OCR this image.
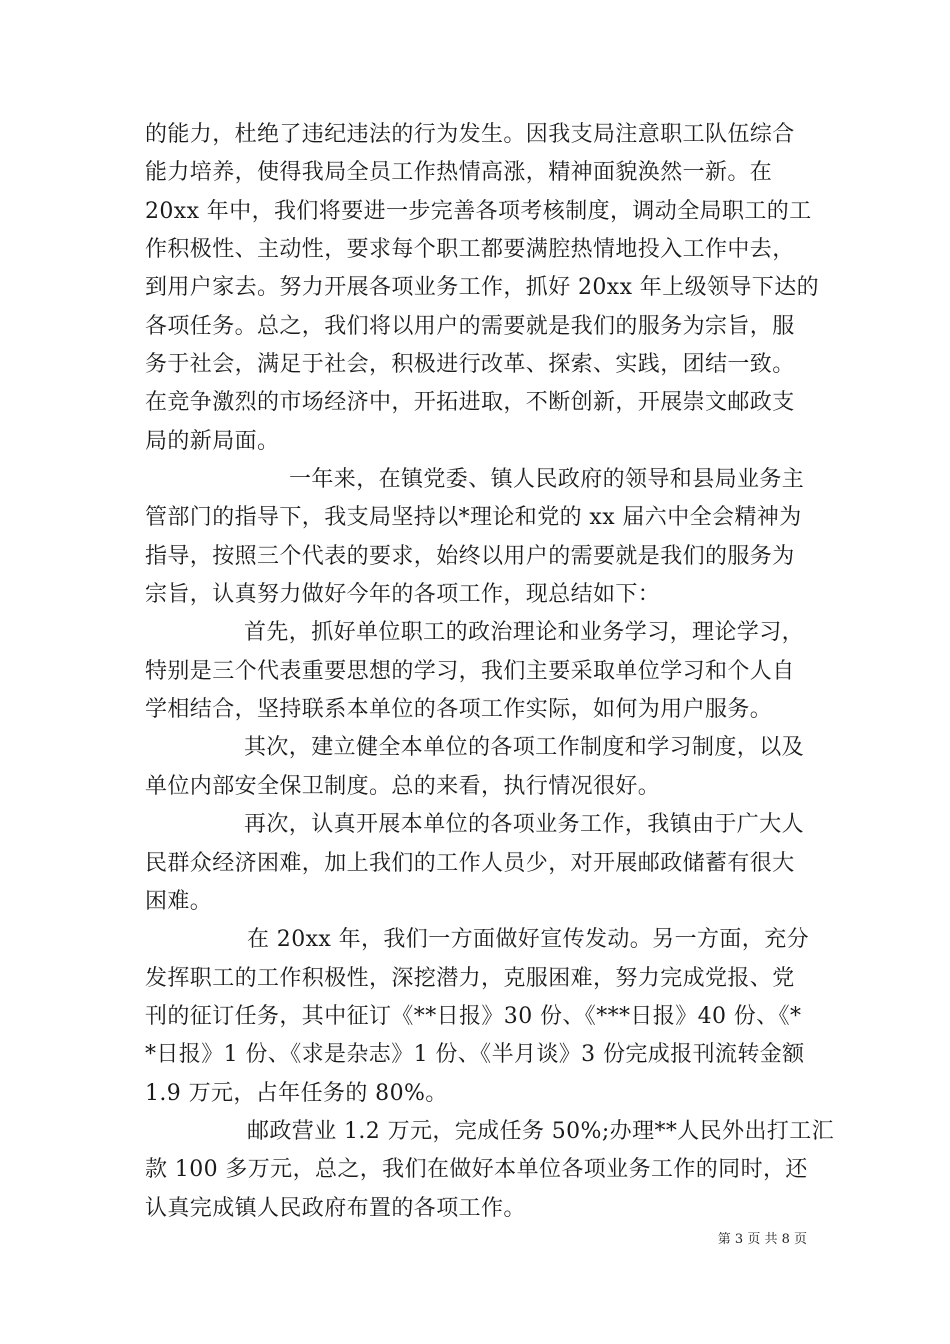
的能力，杜绝了违纪违法的行为发生。因我支局注意职工队伍综合
能力培养，使得我局全员工作热情高涨，精神面貌涣然一新。在
20xx 年中，我们将要进一步完善各项考核制度，调动全局职工的工
作积极性、主动性，要求每个职工都要满腔热情地投入工作中去，
到用户家去。努力开展各项业务工作，抓好 20xx 年上级领导下达的
各项任务。总之，我们将以用户的需要就是我们的服务为宗旨，服
务于社会，满足于社会，积极进行改革、探索、实践，团结一致。
在竞争激烈的市场经济中，开拓进取，不断创新，开展崇文邮政支
局的新局面。
一年来，在镇党委、镇人民政府的领导和县局业务主
管部门的指导下，我支局坚持以*理论和党的 xx 届六中全会精神为
指导，按照三个代表的要求，始终以用户的需要就是我们的服务为
宗旨，认真努力做好今年的各项工作，现总结如下：
首先，抓好单位职工的政治理论和业务学习，理论学习，
特别是三个代表重要思想的学习，我们主要采取单位学习和个人自
学相结合，坚持联系本单位的各项工作实际，如何为用户服务。
其次，建立健全本单位的各项工作制度和学习制度，以及
单位内部安全保卫制度。总的来看，执行情况很好。
再次，认真开展本单位的各项业务工作，我镇由于广大人
民群众经济困难，加上我们的工作人员少，对开展邮政储蓄有很大
困难。
在 20xx 年，我们一方面做好宣传发动。另一方面，充分
发挥职工的工作积极性，深挖潜力，克服困难，努力完成党报、党
刊的征订任务，其中征订《**日报》30 份、《***日报》40 份、《*
*日报》1 份、《求是杂志》1 份、《半月谈》3 份完成报刊流转金额
1.9 万元，占年任务的 80%。
邮政营业 1.2 万元，完成任务 50%;办理**人民外出打工汇
款 100 多万元，总之，我们在做好本单位各项业务工作的同时，还
认真完成镇人民政府布置的各项工作。
第 3 页 共 8 页
